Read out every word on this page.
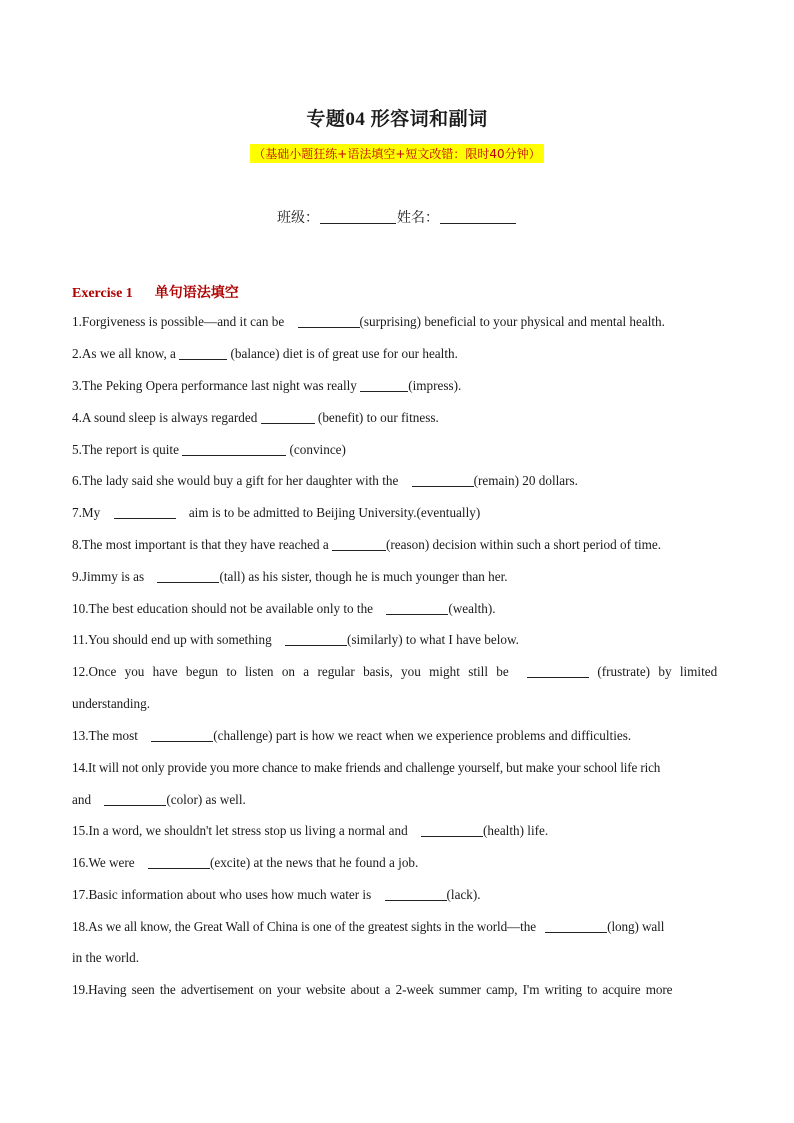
专题04 形容词和副词
（基础小题狂练+语法填空+短文改错：限时40分钟）
班级：	姓名：
Exercise 1 单句语法填空
1.Forgiveness is possible—and it can be	(surprising) beneficial to your physical and mental health.
2.As we all know, a	(balance) diet is of great use for our health.
3.The Peking Opera performance last night was really	(impress).
4.A sound sleep is always regarded	(benefit) to our fitness.
5.The report is quite	(convince)
6.The lady said she would buy a gift for her daughter with the	(remain) 20 dollars.
7.My	aim is to be admitted to Beijing University.(eventually)
8.The most important is that they have reached a	(reason) decision within such a short period of time.
9.Jimmy is as	(tall) as his sister, though he is much younger than her.
10.The best education should not be available only to the	(wealth).
11.You should end up with something	(similarly) to what I have below.
12.Once you have begun to listen on a regular basis, you might still be	(frustrate) by limited
understanding.
13.The most	(challenge) part is how we react when we experience problems and difficulties.
14.It will not only provide you more chance to make friends and challenge yourself, but make your school life rich
and	(color) as well.
15.In a word, we shouldn't let stress stop us living a normal and	(health) life.
16.We were	(excite) at the news that he found a job.
17.Basic information about who uses how much water is	(lack).
18.As we all know, the Great Wall of China is one of the greatest sights in the world—the	(long) wall
in the world.
19.Having seen the advertisement on your website about a 2-week summer camp, I'm writing to acquire more
